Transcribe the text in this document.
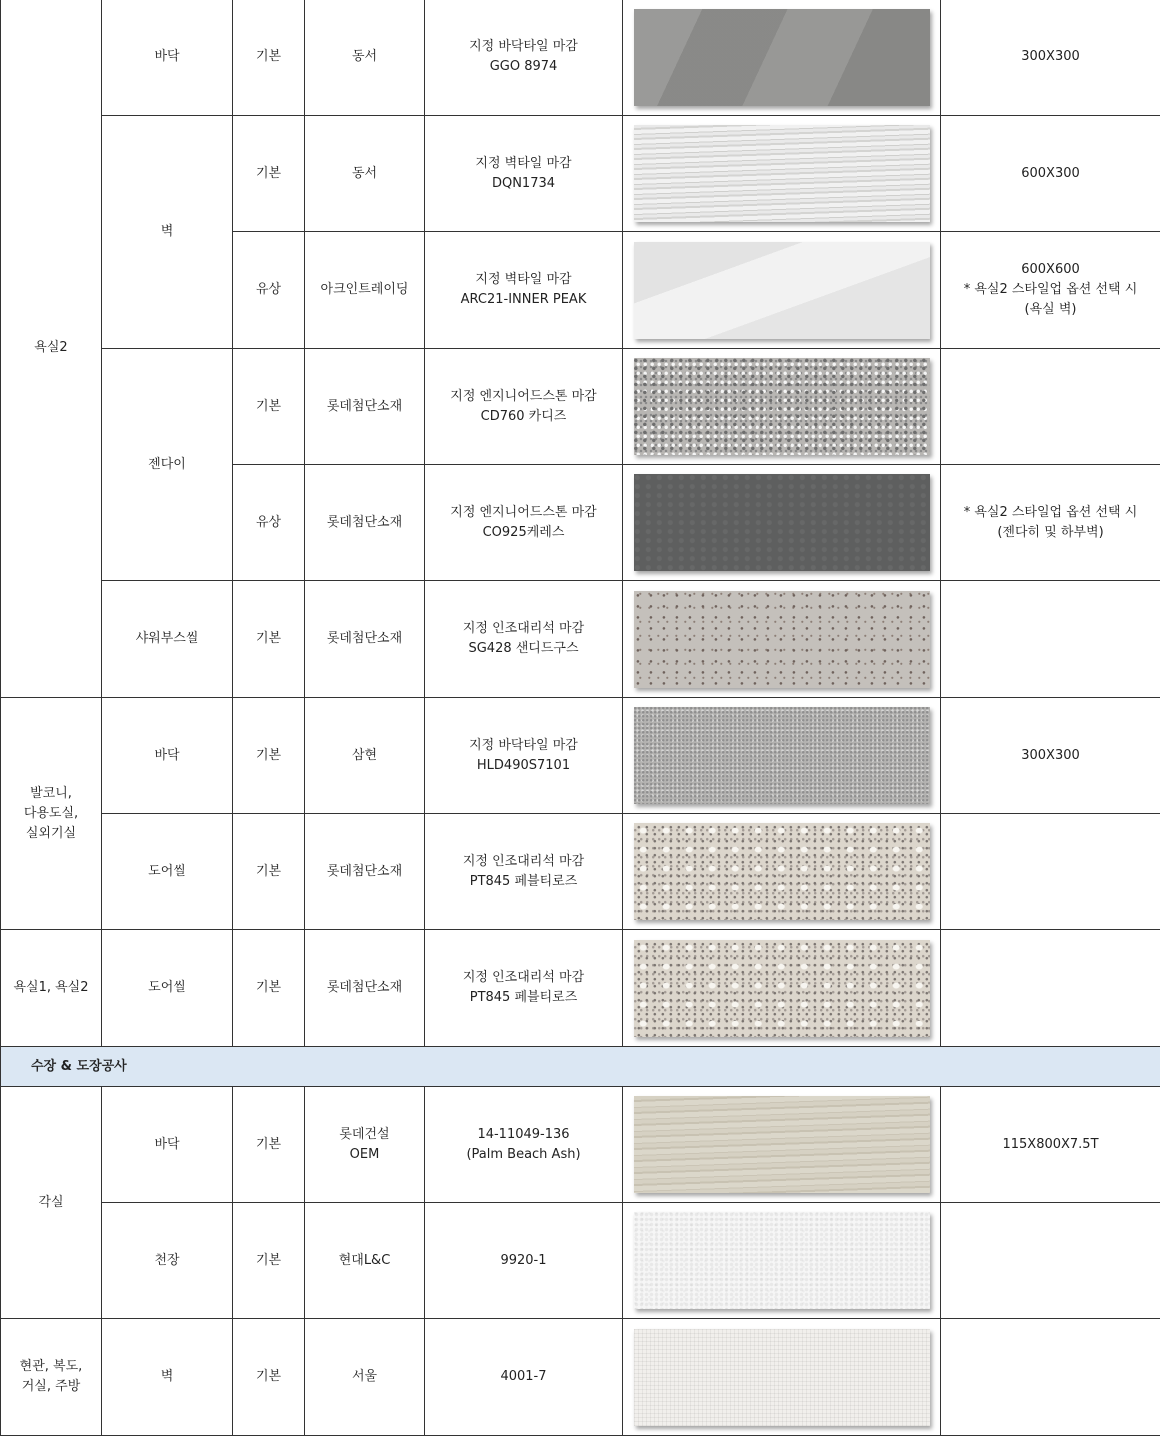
욕실2	바닥	기본	동서	지정 바닥타일 마감
GGO 8974		300X300
	벽	기본	동서	지정 벽타일 마감
DQN1734		600X300
		유상	아크인트레이딩	지정 벽타일 마감
ARC21-INNER PEAK		600X600
* 욕실2 스타일업 옵션 선택 시
(욕실 벽)

	젠다이	기본	롯데첨단소재	지정 엔지니어드스톤 마감
CD760 카디즈		

		유상	롯데첨단소재	지정 엔지니어드스톤 마감
CO925케레스		* 욕실2 스타일업 옵션 선택 시
(젠다히 및 하부벽)

	샤워부스씰	기본	롯데첨단소재	지정 인조대리석 마감
SG428 샌디드구스		

발코니,
다용도실,
실외기실	바닥	기본	삼현	지정 바닥타일 마감
HLD490S7101		300X300
	도어씰	기본	롯데첨단소재	지정 인조대리석 마감
PT845 페블티로즈		

욕실1, 욕실2	도어씰	기본	롯데첨단소재	지정 인조대리석 마감
PT845 페블티로즈		

수장 & 도장공사						
각실	바닥	기본	롯데건설
OEM	14-11049-136
(Palm Beach Ash)		115X800X7.5T
	천장	기본	현대L&C	9920-1		

현관, 복도,
거실, 주방	벽	기본	서울	4001-7		
